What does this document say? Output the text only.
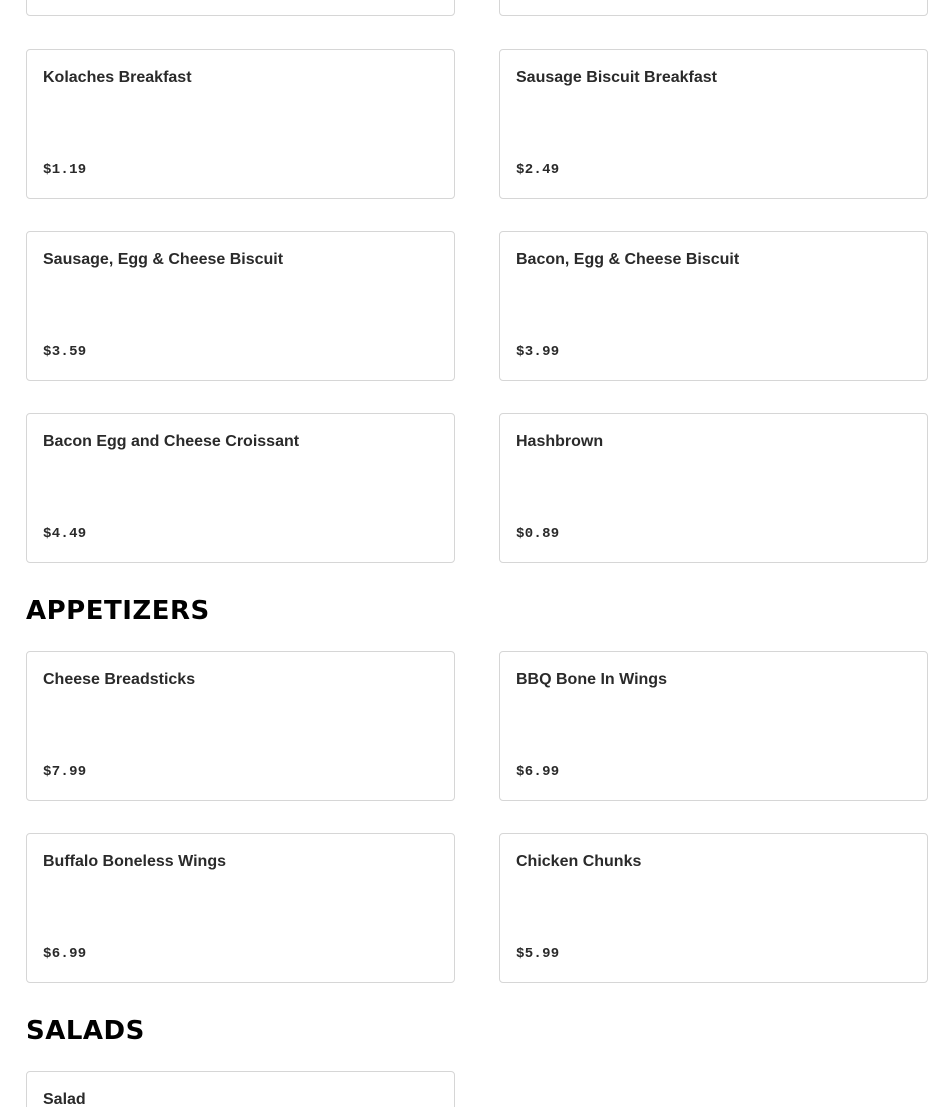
Kolaches Breakfast
$1.19
Sausage Biscuit Breakfast
$2.49
Sausage, Egg & Cheese Biscuit
$3.59
Bacon, Egg & Cheese Biscuit
$3.99
Bacon Egg and Cheese Croissant
$4.49
Hashbrown
$0.89
APPETIZERS
Cheese Breadsticks
$7.99
BBQ Bone In Wings
$6.99
Buffalo Boneless Wings
$6.99
Chicken Chunks
$5.99
SALADS
Salad
